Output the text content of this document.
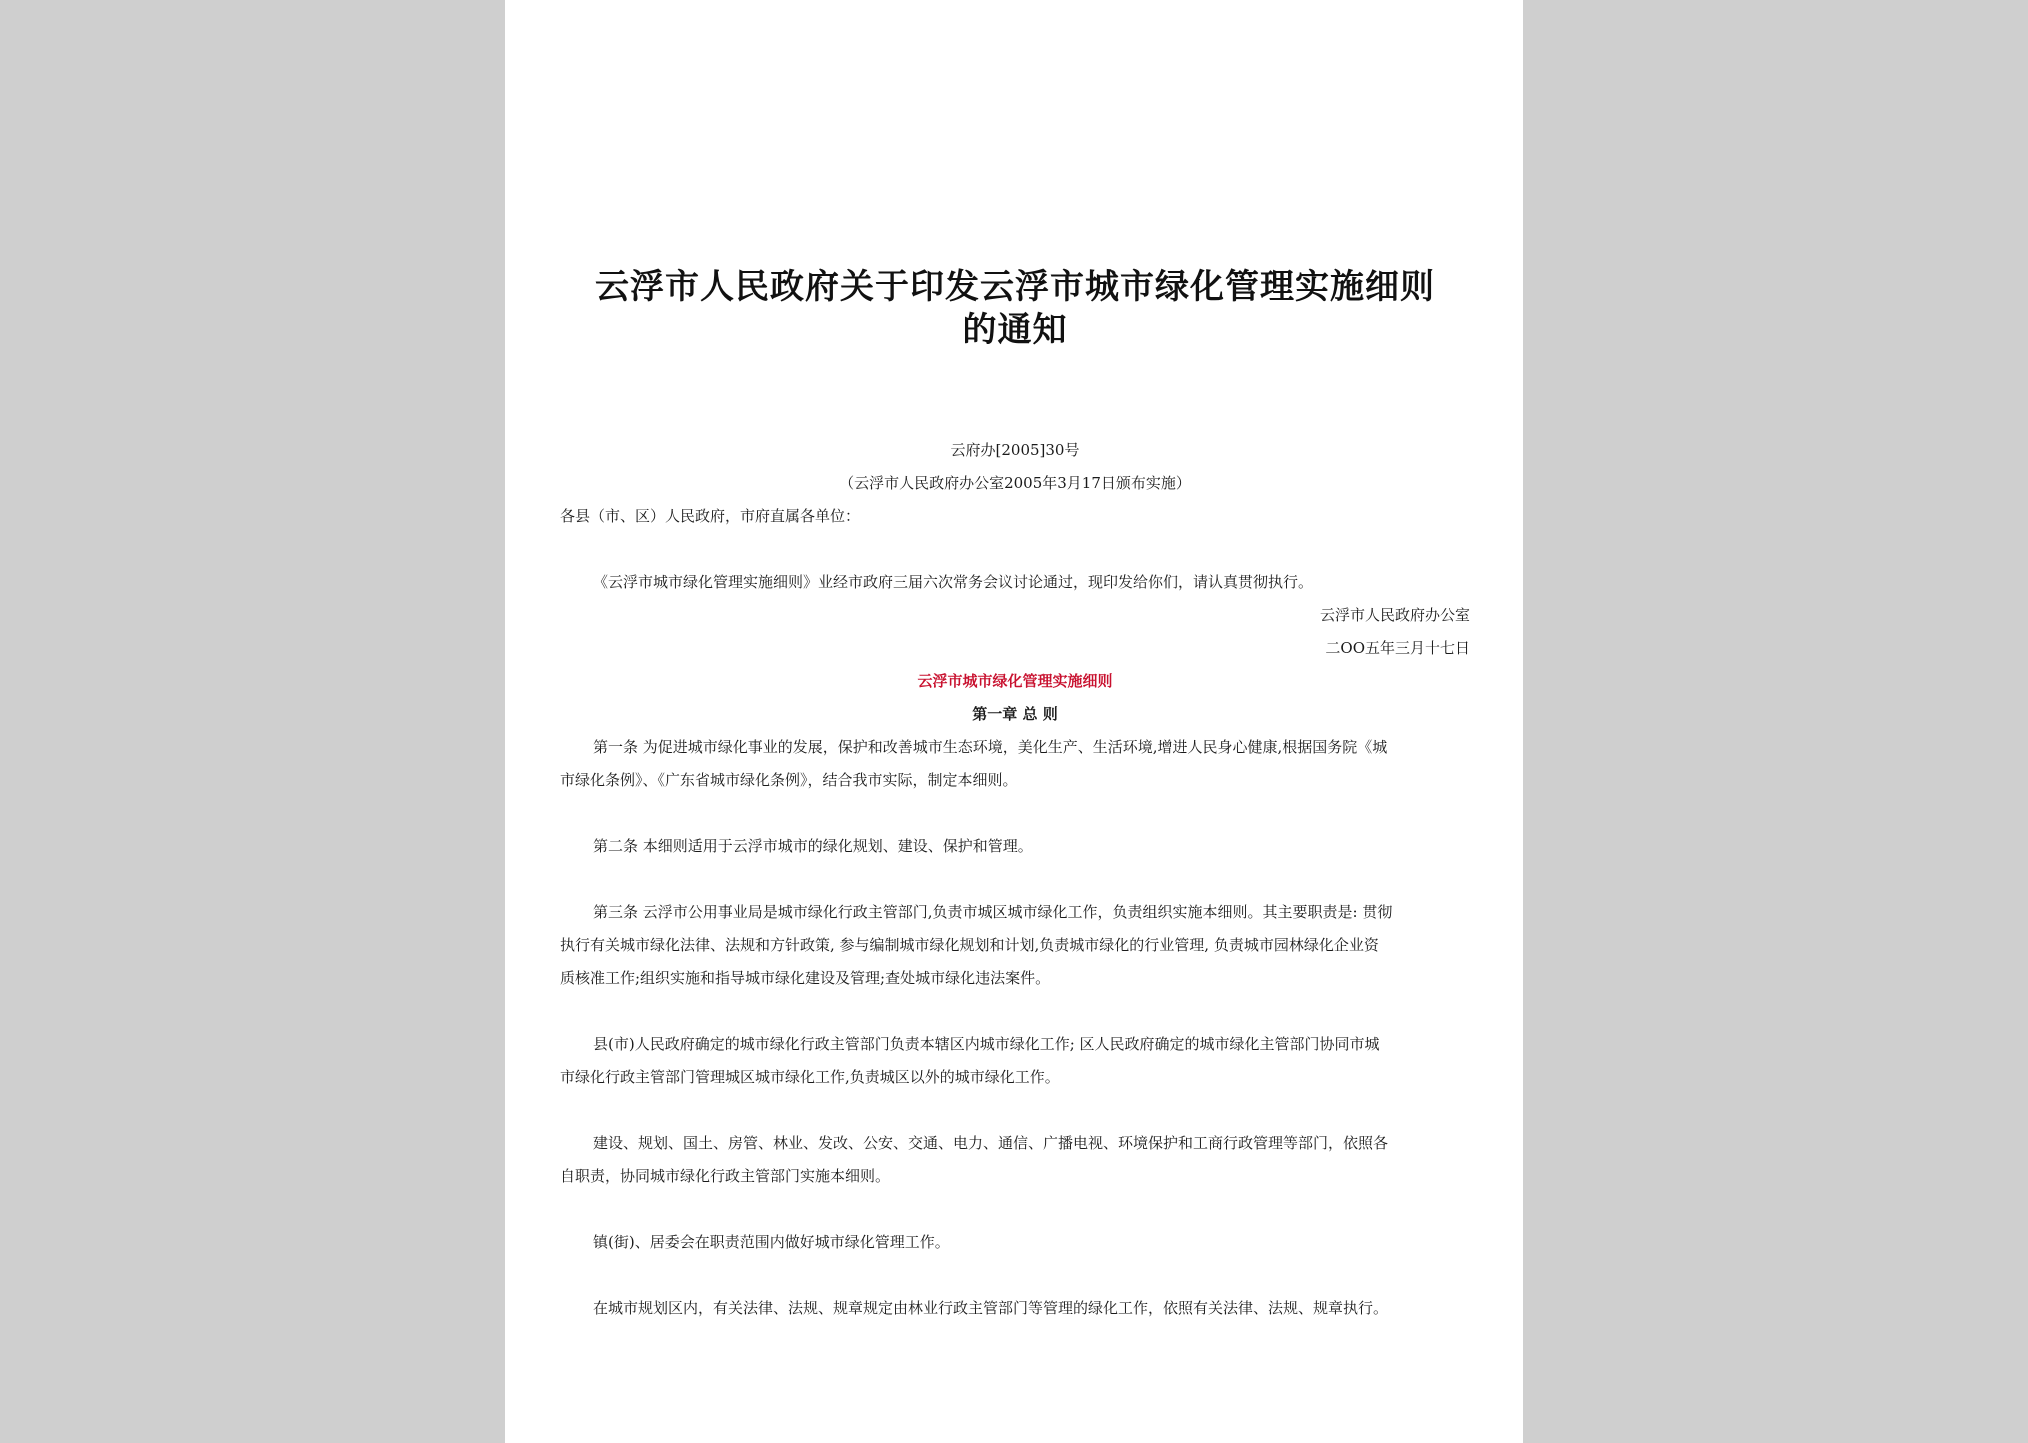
云浮市人民政府关于印发云浮市城市绿化管理实施细则
的通知
云府办[2005]30号
（云浮市人民政府办公室2005年3月17日颁布实施）
各县（市、区）人民政府，市府直属各单位：
《云浮市城市绿化管理实施细则》业经市政府三届六次常务会议讨论通过，现印发给你们，请认真贯彻执行。
云浮市人民政府办公室
二OO五年三月十七日
云浮市城市绿化管理实施细则
第一章 总 则
第一条 为促进城市绿化事业的发展，保护和改善城市生态环境，美化生产、生活环境,增进人民身心健康,根据国务院《城
市绿化条例》、《广东省城市绿化条例》，结合我市实际，制定本细则。
第二条 本细则适用于云浮市城市的绿化规划、建设、保护和管理。
第三条 云浮市公用事业局是城市绿化行政主管部门,负责市城区城市绿化工作，负责组织实施本细则。其主要职责是: 贯彻
执行有关城市绿化法律、法规和方针政策, 参与编制城市绿化规划和计划,负责城市绿化的行业管理, 负责城市园林绿化企业资
质核准工作;组织实施和指导城市绿化建设及管理;查处城市绿化违法案件。
县(市)人民政府确定的城市绿化行政主管部门负责本辖区内城市绿化工作; 区人民政府确定的城市绿化主管部门协同市城
市绿化行政主管部门管理城区城市绿化工作,负责城区以外的城市绿化工作。
建设、规划、国土、房管、林业、发改、公安、交通、电力、通信、广播电视、环境保护和工商行政管理等部门，依照各
自职责，协同城市绿化行政主管部门实施本细则。
镇(街)、居委会在职责范围内做好城市绿化管理工作。
在城市规划区内，有关法律、法规、规章规定由林业行政主管部门等管理的绿化工作，依照有关法律、法规、规章执行。
